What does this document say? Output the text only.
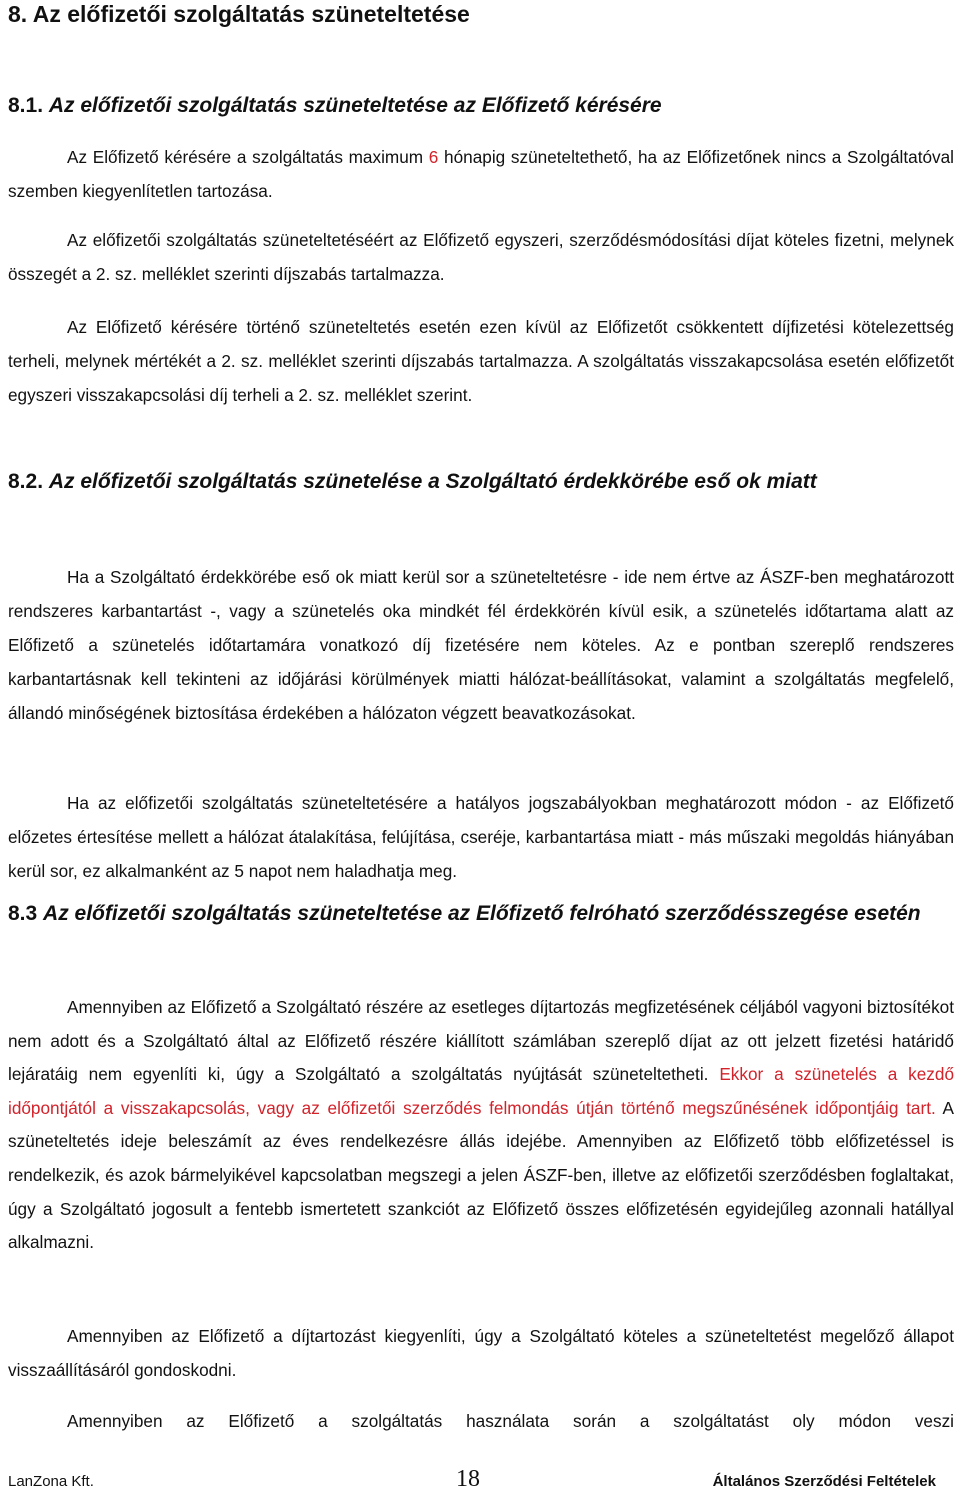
8. Az előfizetői szolgáltatás szüneteltetése
8.1. Az előfizetői szolgáltatás szüneteltetése az Előfizető kérésére

Az Előfizető kérésére a szolgáltatás maximum 6 hónapig szüneteltethető, ha az Előfizetőnek nincs a Szolgáltatóval szemben kiegyenlítetlen tartozása.

Az előfizetői szolgáltatás szüneteltetéséért az Előfizető egyszeri, szerződésmódosítási díjat köteles fizetni, melynek összegét a 2. sz. melléklet szerinti díjszabás tartalmazza.

Az Előfizető kérésére történő szüneteltetés esetén ezen kívül az Előfizetőt csökkentett díjfizetési kötelezettség terheli, melynek mértékét a 2. sz. melléklet szerinti díjszabás tartalmazza. A szolgáltatás visszakapcsolása esetén előfizetőt egyszeri visszakapcsolási díj terheli a 2. sz. melléklet szerint.

8.2. Az előfizetői szolgáltatás szünetelése a Szolgáltató érdekkörébe eső ok miatt

Ha a Szolgáltató érdekkörébe eső ok miatt kerül sor a szüneteltetésre - ide nem értve az ÁSZF-ben meghatározott rendszeres karbantartást -, vagy a szünetelés oka mindkét fél érdekkörén kívül esik, a szünetelés időtartama alatt az Előfizető a szünetelés időtartamára vonatkozó díj fizetésére nem köteles. Az e pontban szereplő rendszeres karbantartásnak kell tekinteni az időjárási körülmények miatti hálózat-beállításokat, valamint a szolgáltatás megfelelő, állandó minőségének biztosítása érdekében a hálózaton végzett beavatkozásokat.

Ha az előfizetői szolgáltatás szüneteltetésére a hatályos jogszabályokban meghatározott módon - az Előfizető előzetes értesítése mellett a hálózat átalakítása, felújítása, cseréje, karbantartása miatt - más műszaki megoldás hiányában kerül sor, ez alkalmanként az 5 napot nem haladhatja meg.

8.3 Az előfizetői szolgáltatás szüneteltetése az Előfizető felróható szerződésszegése esetén

Amennyiben az Előfizető a Szolgáltató részére az esetleges díjtartozás megfizetésének céljából vagyoni biztosítékot nem adott és a Szolgáltató által az Előfizető részére kiállított számlában szereplő díjat az ott jelzett fizetési határidő lejáratáig nem egyenlíti ki, úgy a Szolgáltató a szolgáltatás nyújtását szüneteltetheti. Ekkor a szünetelés a kezdő időpontjától a visszakapcsolás, vagy az előfizetői szerződés felmondás útján történő megszűnésének időpontjáig tart. A szüneteltetés ideje beleszámít az éves rendelkezésre állás idejébe. Amennyiben az Előfizető több előfizetéssel is rendelkezik, és azok bármelyikével kapcsolatban megszegi a jelen ÁSZF-ben, illetve az előfizetői szerződésben foglaltakat, úgy a Szolgáltató jogosult a fentebb ismertetett szankciót az Előfizető összes előfizetésén egyidejűleg azonnali hatállyal alkalmazni.

Amennyiben az Előfizető a díjtartozást kiegyenlíti, úgy a Szolgáltató köteles a szüneteltetést megelőző állapot visszaállításáról gondoskodni.

Amennyiben az Előfizető a szolgáltatás használata során a szolgáltatást oly módon veszi

LanZona Kft.	18	Általános Szerződési Feltételek
